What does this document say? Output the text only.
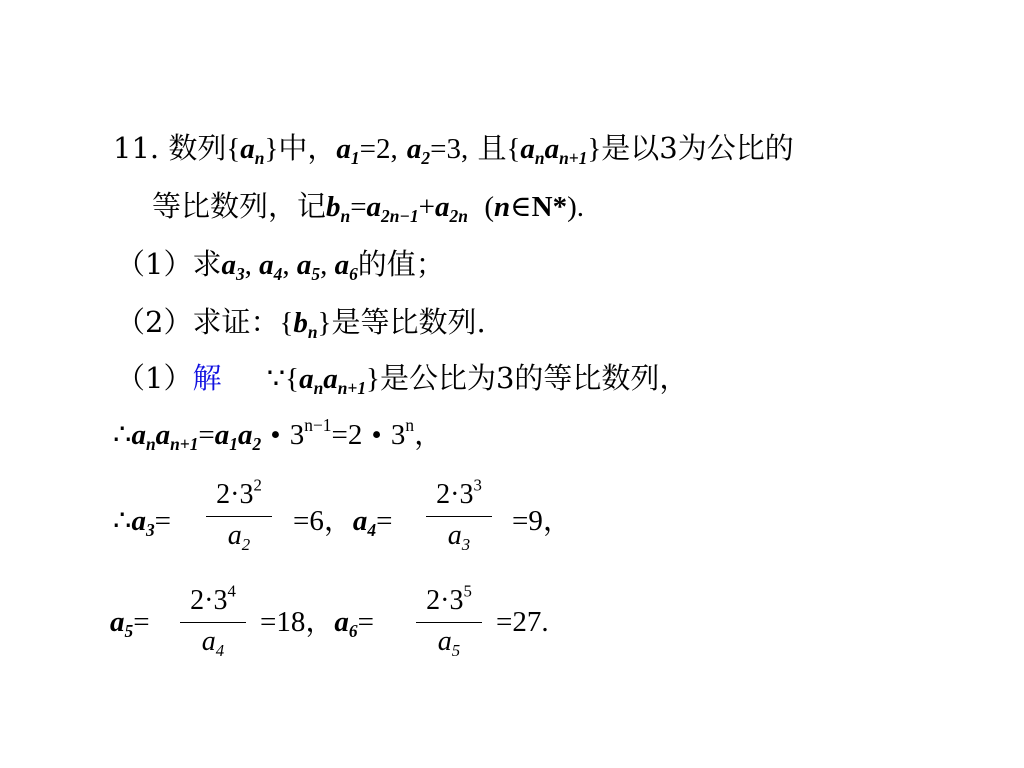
11. 数列$\{a_n\}$中，$a_1=2$, $a_2=3$, 且$\{a_na_{n+1}\}$是以3为公比的
等比数列，记$b_n=a_{2n-1}+a_{2n}$  (n∈N*).
（1）求$a_3$, $a_4$, $a_5$, $a_6$的值；
（2）求证：$\{b_n\}$是等比数列.
（1）解 $\because\{a_na_{n+1}\}$是公比为3的等比数列，
$\therefore a_na_{n+1}=a_1a_2$ • $3^{n-1}=2$ • 3$^n$，
$\therefore a_3=$
$2\cdot 3^2$
$a_2$
=6，$a_4=$
$2\cdot 3^3$
$a_3$
=9，
$a_5=$
$2\cdot 3^4$
$a_4$
=18，$a_6=$
$2\cdot 3^5$
$a_5$
=27.
